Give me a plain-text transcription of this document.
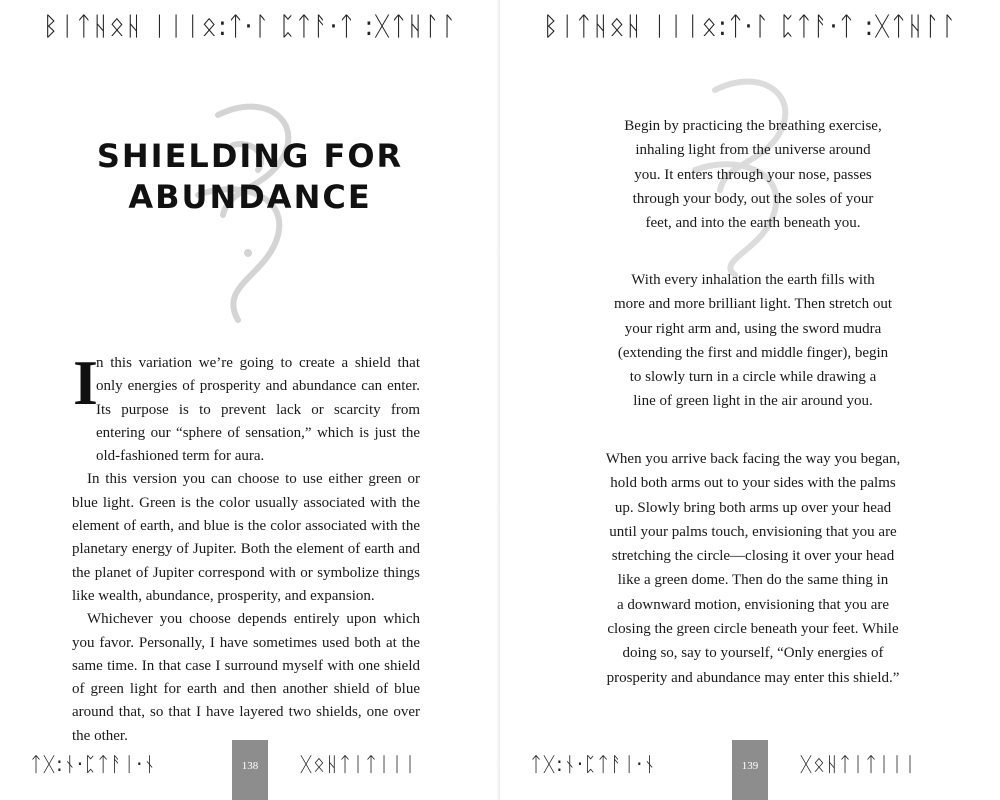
ᛒᛁᛏᚺᛟᚺ ᛁᛁᛁᛟ:ᛏ·ᛚ ᛈᛏᚨ·ᛏ :ᚷᛏᚺᛚᛚ
SHIELDING FOR
ABUNDANCE
I

n this variation we’re going to create a shield that only energies of prosperity and abundance can enter. Its purpose is to prevent lack or scarcity from entering our “sphere of sensation,” which is just the old-fashioned term for aura.

In this version you can choose to use either green or blue light. Green is the color usually associated with the element of earth, and blue is the color associated with the planetary energy of Jupiter. Both the element of earth and the planet of Jupiter correspond with or symbolize things like wealth, abundance, prosperity, and expansion.

Whichever you choose depends entirely upon which you favor. Personally, I have sometimes used both at the same time. In that case I surround myself with one shield of green light for earth and then another shield of blue around that, so that I have layered two shields, one over the other.

ᛏᚷ:ᚾ·ᛈᛏᚨᛁ·ᚾ	138	ᚷᛟᚺᛏᛁᛏᛁᛁᛁ
ᛒᛁᛏᚺᛟᚺ ᛁᛁᛁᛟ:ᛏ·ᛚ ᛈᛏᚨ·ᛏ :ᚷᛏᚺᛚᛚ

Begin by practicing the breathing exercise,

inhaling light from the universe around

you. It enters through your nose, passes

through your body, out the soles of your

feet, and into the earth beneath you.

With every inhalation the earth fills with

more and more brilliant light. Then stretch out

your right arm and, using the sword mudra

(extending the first and middle finger), begin

to slowly turn in a circle while drawing a

line of green light in the air around you.

When you arrive back facing the way you began,

hold both arms out to your sides with the palms

up. Slowly bring both arms up over your head

until your palms touch, envisioning that you are

stretching the circle—closing it over your head

like a green dome. Then do the same thing in

a downward motion, envisioning that you are

closing the green circle beneath your feet. While

doing so, say to yourself, “Only energies of

prosperity and abundance may enter this shield.”

ᛏᚷ:ᚾ·ᛈᛏᚨᛁ·ᚾ	139	ᚷᛟᚺᛏᛁᛏᛁᛁᛁ
